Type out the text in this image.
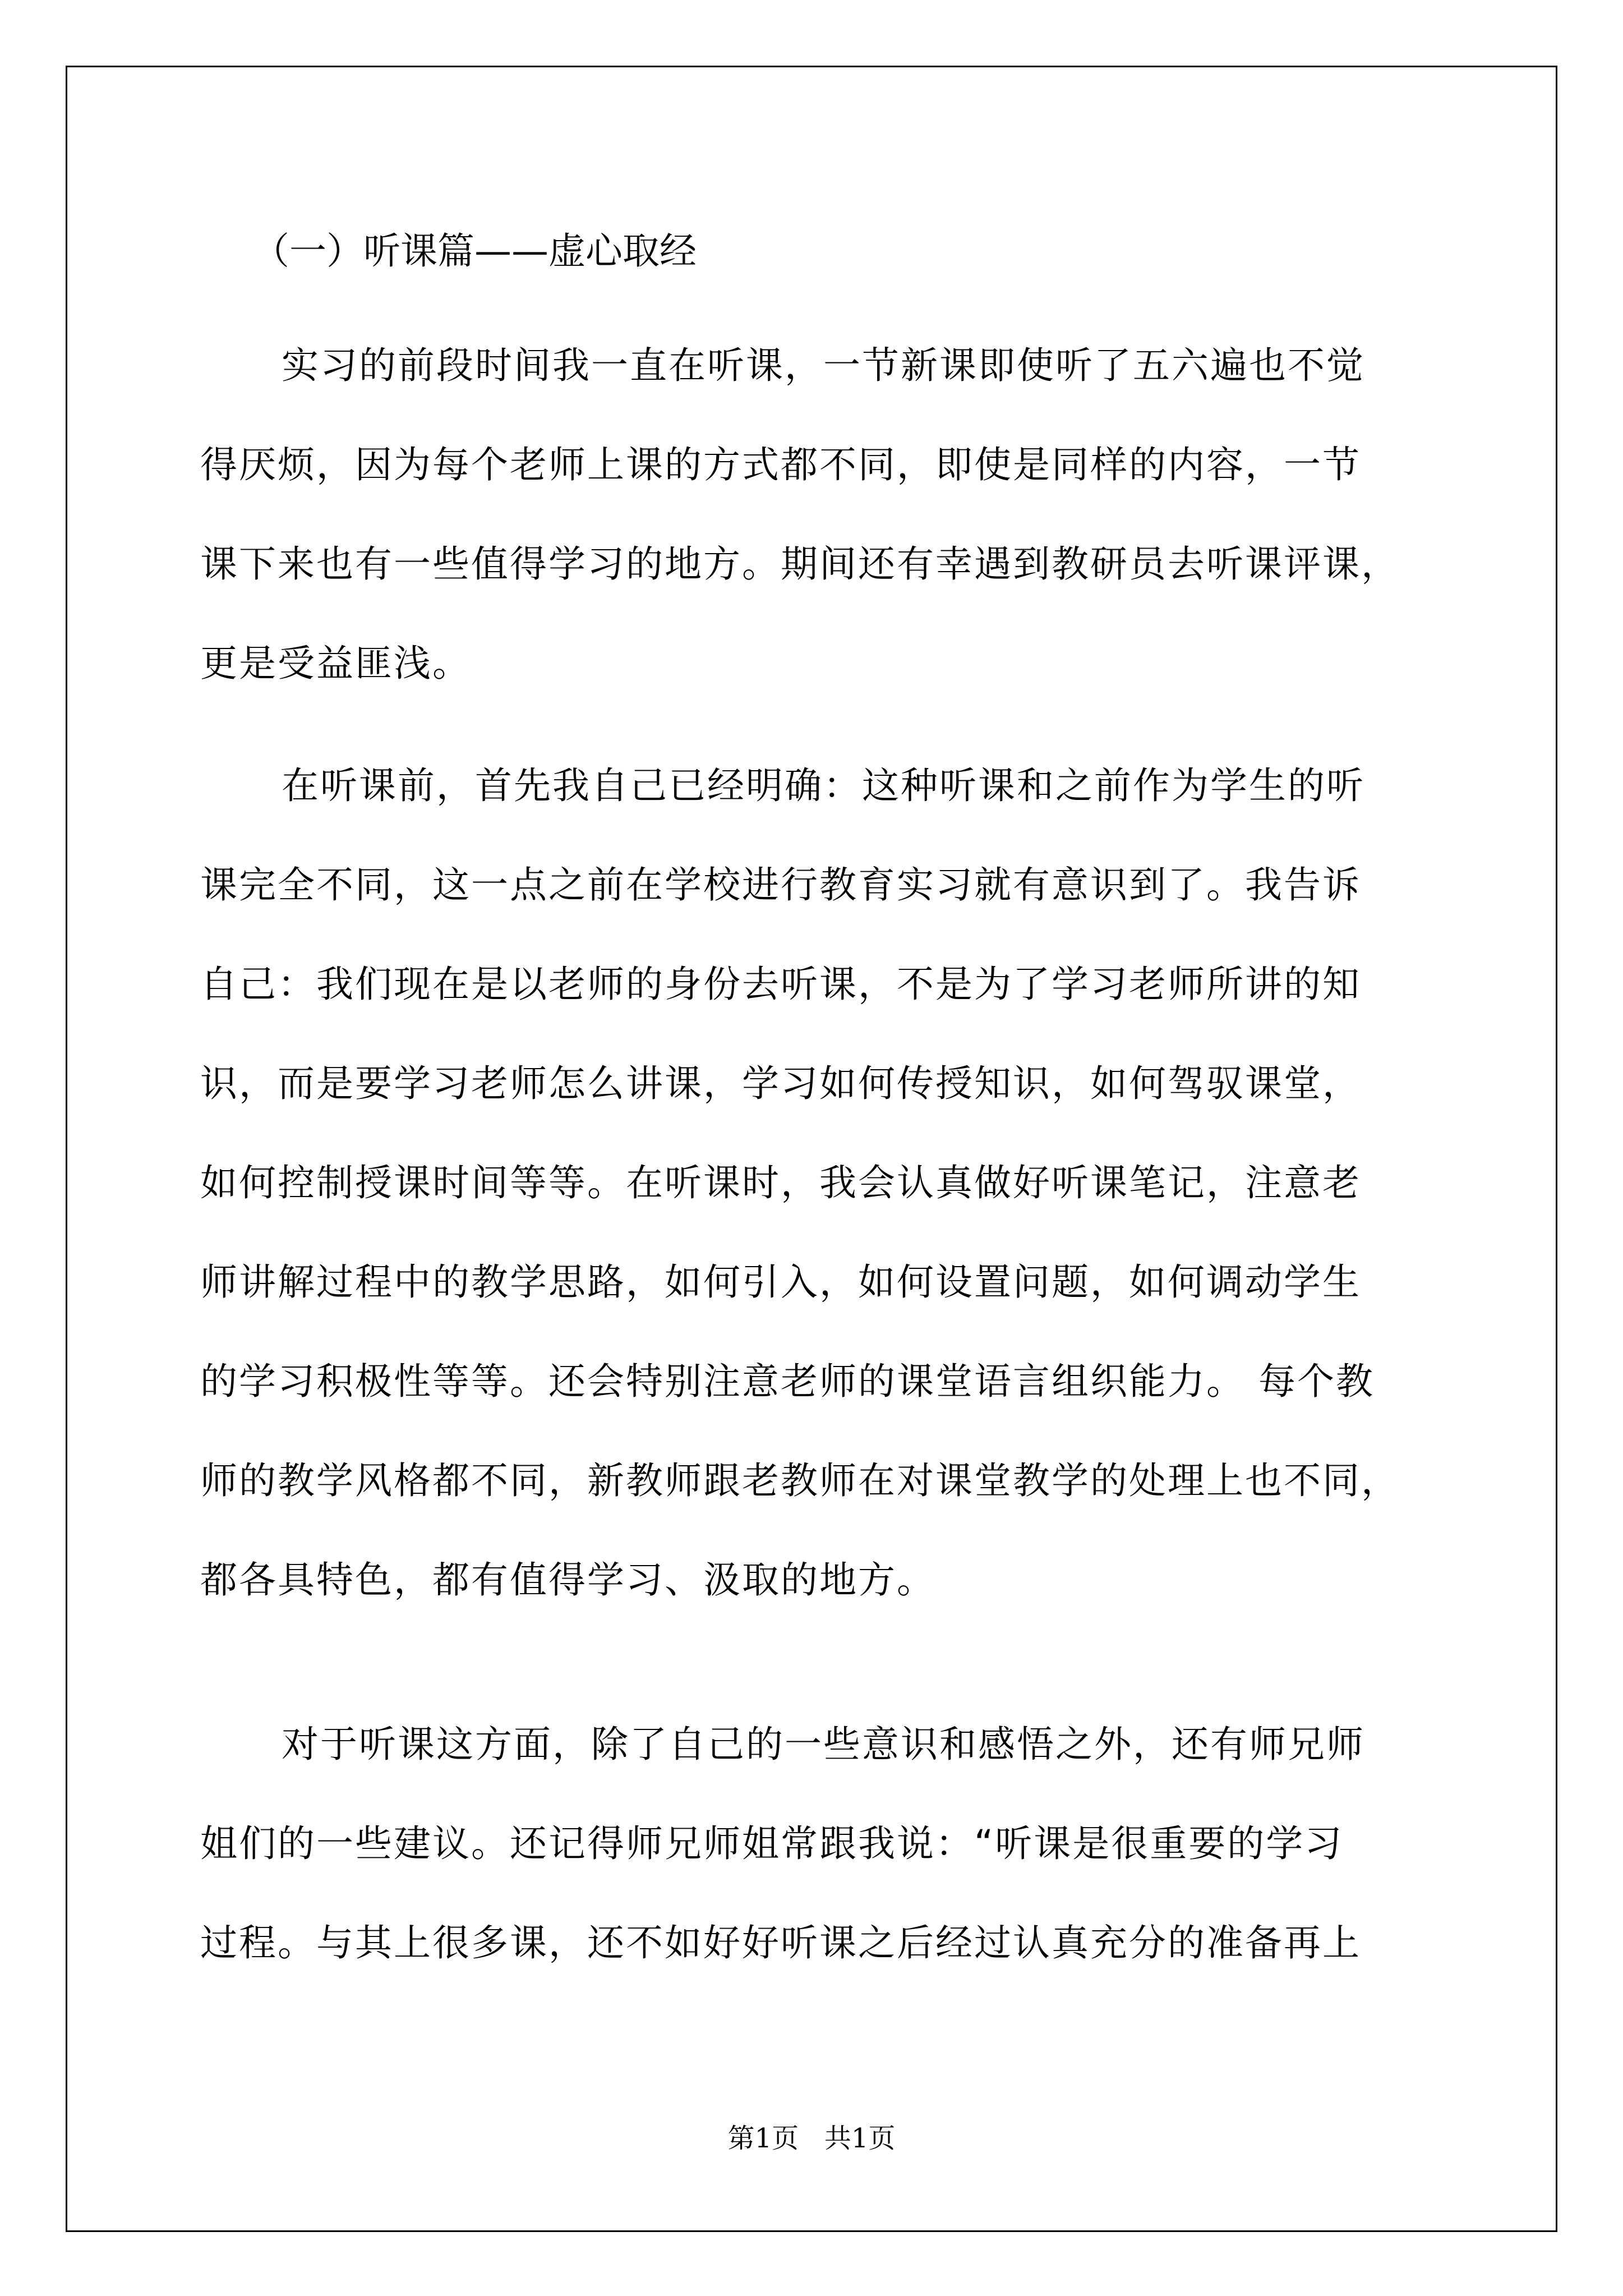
（一）听课篇——虚心取经

实习的前段时间我一直在听课，一节新课即使听了五六遍也不觉
得厌烦，因为每个老师上课的方式都不同，即使是同样的内容，一节
课下来也有一些值得学习的地方。期间还有幸遇到教研员去听课评课，
更是受益匪浅。

在听课前，首先我自己已经明确：这种听课和之前作为学生的听
课完全不同，这一点之前在学校进行教育实习就有意识到了。我告诉
自己：我们现在是以老师的身份去听课，不是为了学习老师所讲的知
识，而是要学习老师怎么讲课，学习如何传授知识，如何驾驭课堂，
如何控制授课时间等等。在听课时，我会认真做好听课笔记，注意老
师讲解过程中的教学思路，如何引入，如何设置问题，如何调动学生
的学习积极性等等。还会特别注意老师的课堂语言组织能力。 每个教
师的教学风格都不同，新教师跟老教师在对课堂教学的处理上也不同，
都各具特色，都有值得学习、汲取的地方。

对于听课这方面，除了自己的一些意识和感悟之外，还有师兄师
姐们的一些建议。还记得师兄师姐常跟我说：“听课是很重要的学习
过程。与其上很多课，还不如好好听课之后经过认真充分的准备再上

第1页   共1页
